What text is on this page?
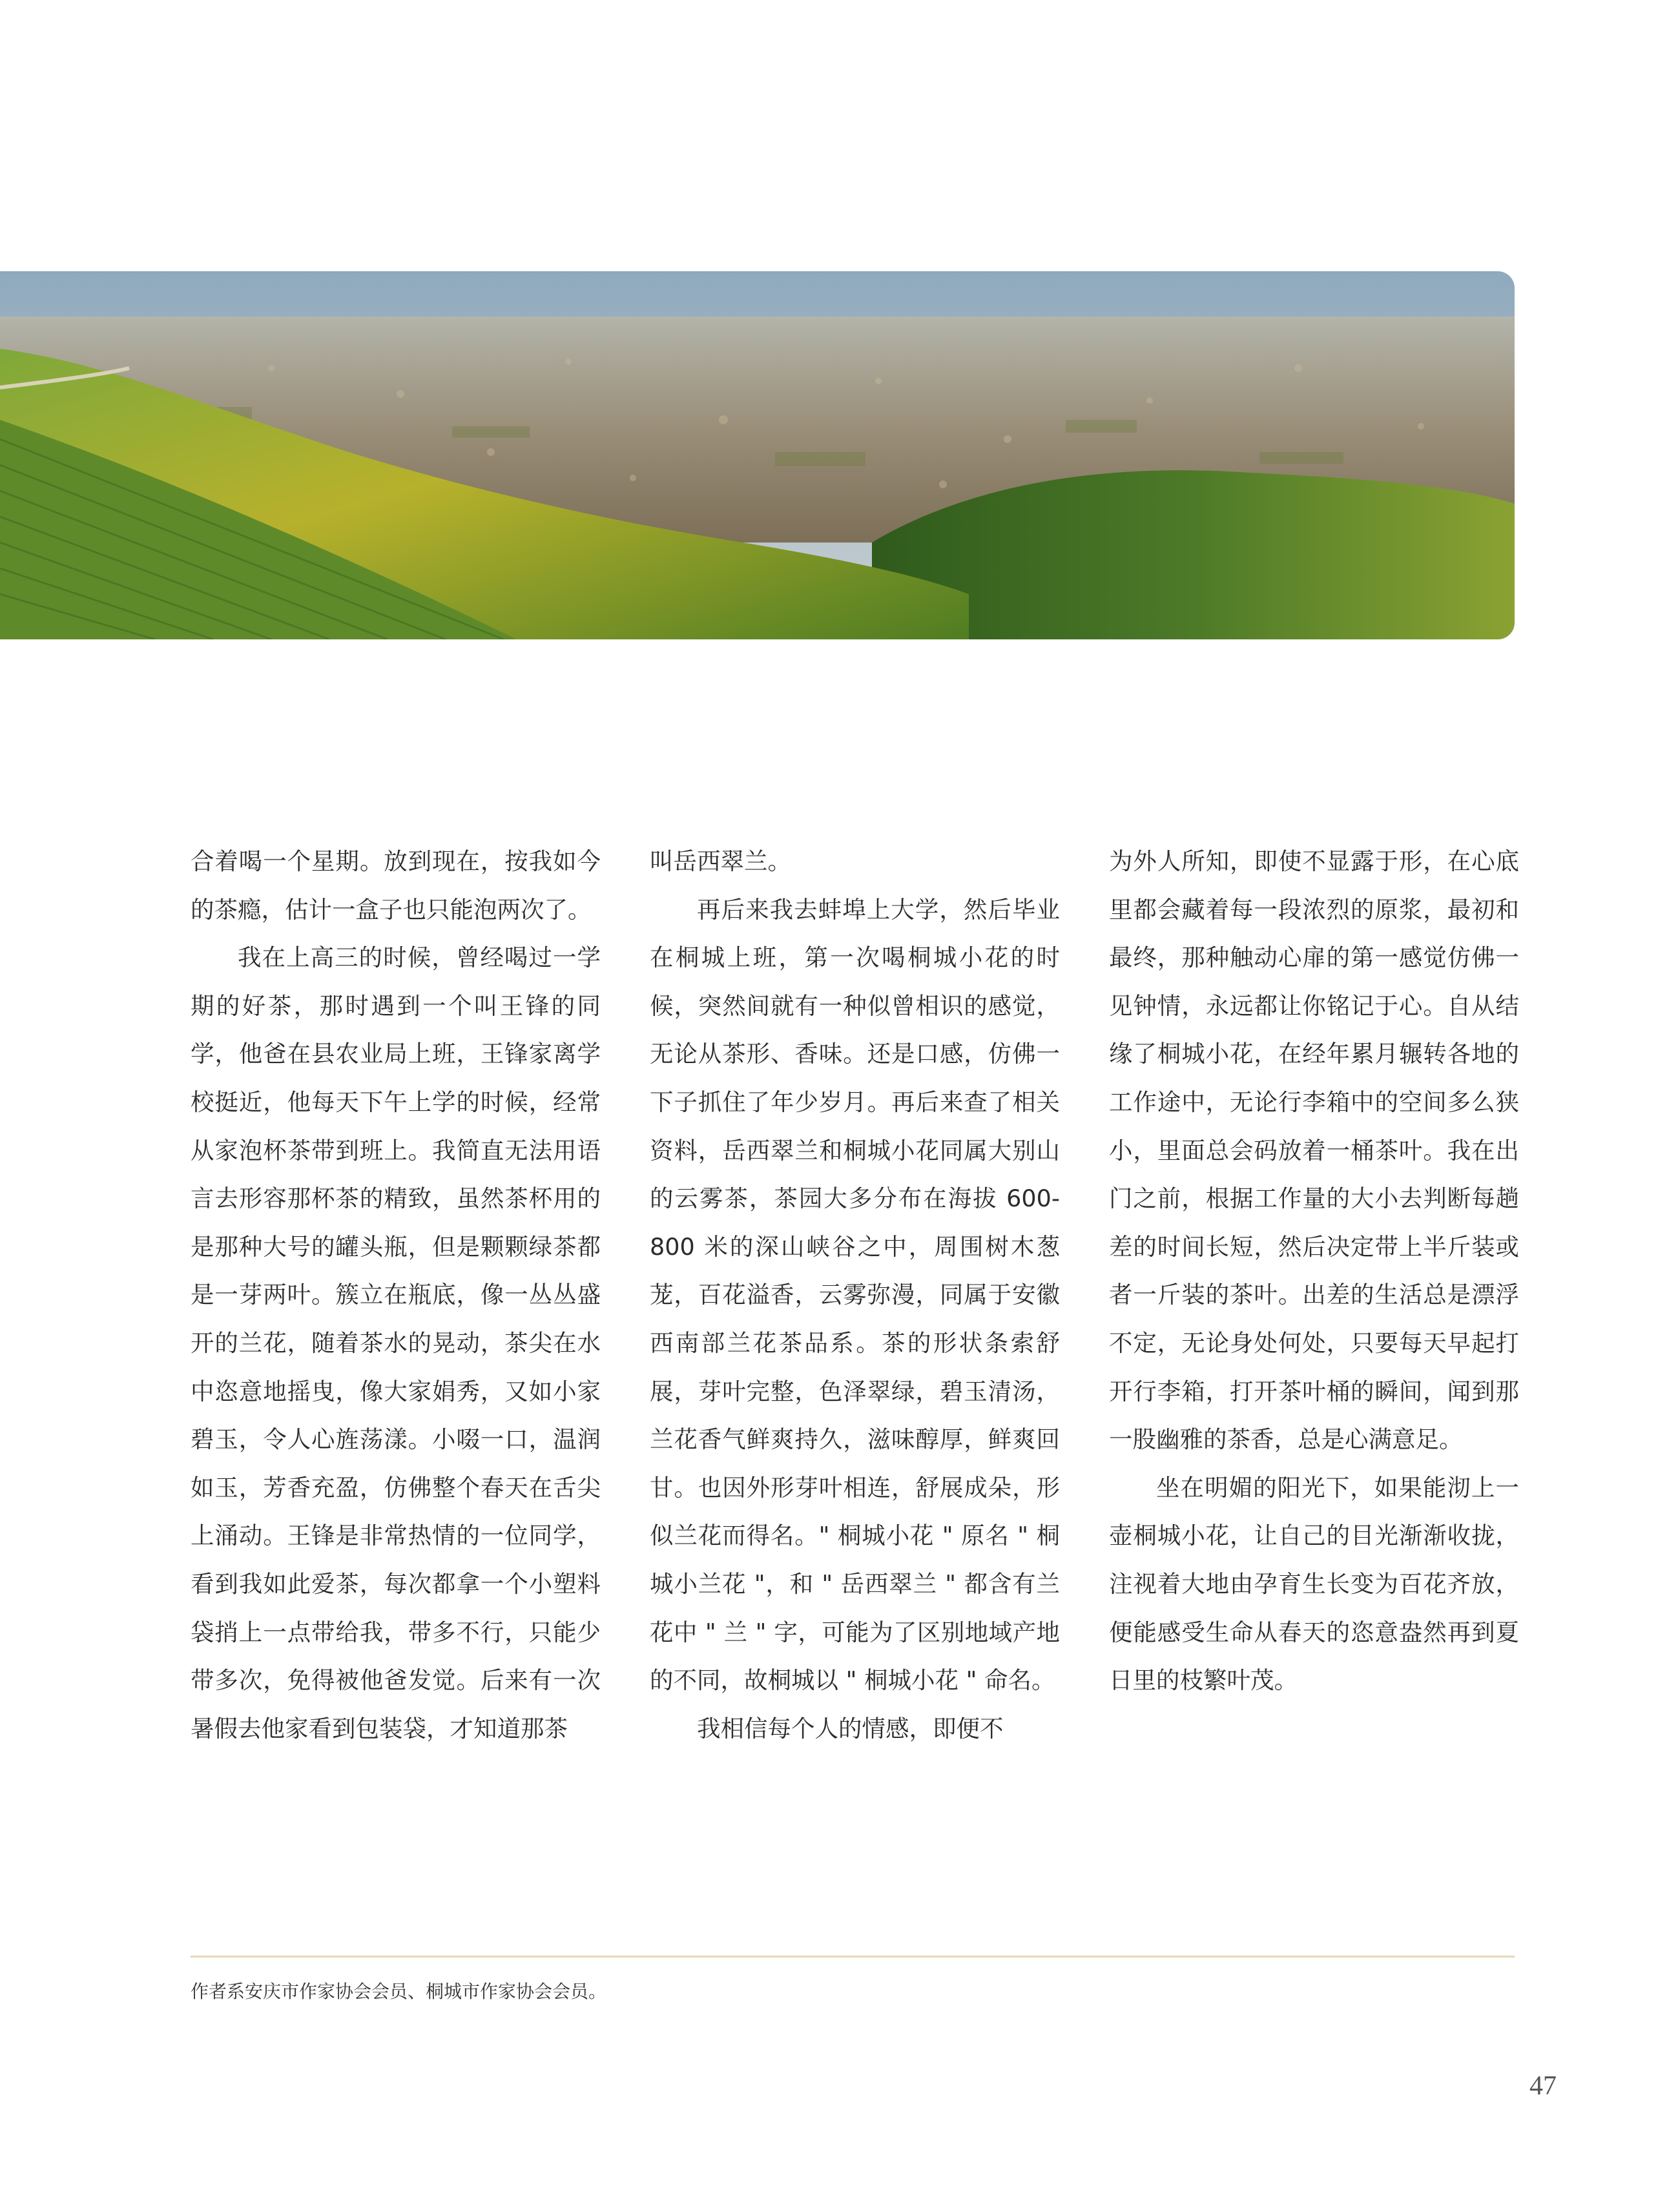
合着喝一个星期。放到现在，按我如今的茶瘾，估计一盒子也只能泡两次了。

我在上高三的时候，曾经喝过一学期的好茶，那时遇到一个叫王锋的同学，他爸在县农业局上班，王锋家离学校挺近，他每天下午上学的时候，经常从家泡杯茶带到班上。我简直无法用语言去形容那杯茶的精致，虽然茶杯用的是那种大号的罐头瓶，但是颗颗绿茶都是一芽两叶。簇立在瓶底，像一丛丛盛开的兰花，随着茶水的晃动，茶尖在水中恣意地摇曳，像大家娟秀，又如小家碧玉，令人心旌荡漾。小啜一口，温润如玉，芳香充盈，仿佛整个春天在舌尖上涌动。王锋是非常热情的一位同学，看到我如此爱茶，每次都拿一个小塑料袋捎上一点带给我，带多不行，只能少带多次，免得被他爸发觉。后来有一次暑假去他家看到包装袋，才知道那茶

叫岳西翠兰。

再后来我去蚌埠上大学，然后毕业在桐城上班，第一次喝桐城小花的时候，突然间就有一种似曾相识的感觉，无论从茶形、香味。还是口感，仿佛一下子抓住了年少岁月。再后来查了相关资料，岳西翠兰和桐城小花同属大别山的云雾茶，茶园大多分布在海拔 600-800 米的深山峡谷之中，周围树木葱茏，百花溢香，云雾弥漫，同属于安徽西南部兰花茶品系。茶的形状条索舒展，芽叶完整，色泽翠绿，碧玉清汤，兰花香气鲜爽持久，滋味醇厚，鲜爽回甘。也因外形芽叶相连，舒展成朵，形似兰花而得名。" 桐城小花 " 原名 " 桐城小兰花 "，和 " 岳西翠兰 " 都含有兰花中 " 兰 " 字，可能为了区别地域产地的不同，故桐城以 " 桐城小花 " 命名。

我相信每个人的情感，即便不

为外人所知，即使不显露于形，在心底里都会藏着每一段浓烈的原浆，最初和最终，那种触动心扉的第一感觉仿佛一见钟情，永远都让你铭记于心。自从结缘了桐城小花，在经年累月辗转各地的工作途中，无论行李箱中的空间多么狭小，里面总会码放着一桶茶叶。我在出门之前，根据工作量的大小去判断每趟差的时间长短，然后决定带上半斤装或者一斤装的茶叶。出差的生活总是漂浮不定，无论身处何处，只要每天早起打开行李箱，打开茶叶桶的瞬间，闻到那一股幽雅的茶香，总是心满意足。

坐在明媚的阳光下，如果能沏上一壶桐城小花，让自己的目光渐渐收拢，注视着大地由孕育生长变为百花齐放，便能感受生命从春天的恣意盎然再到夏日里的枝繁叶茂。

作者系安庆市作家协会会员、桐城市作家协会会员。
47
